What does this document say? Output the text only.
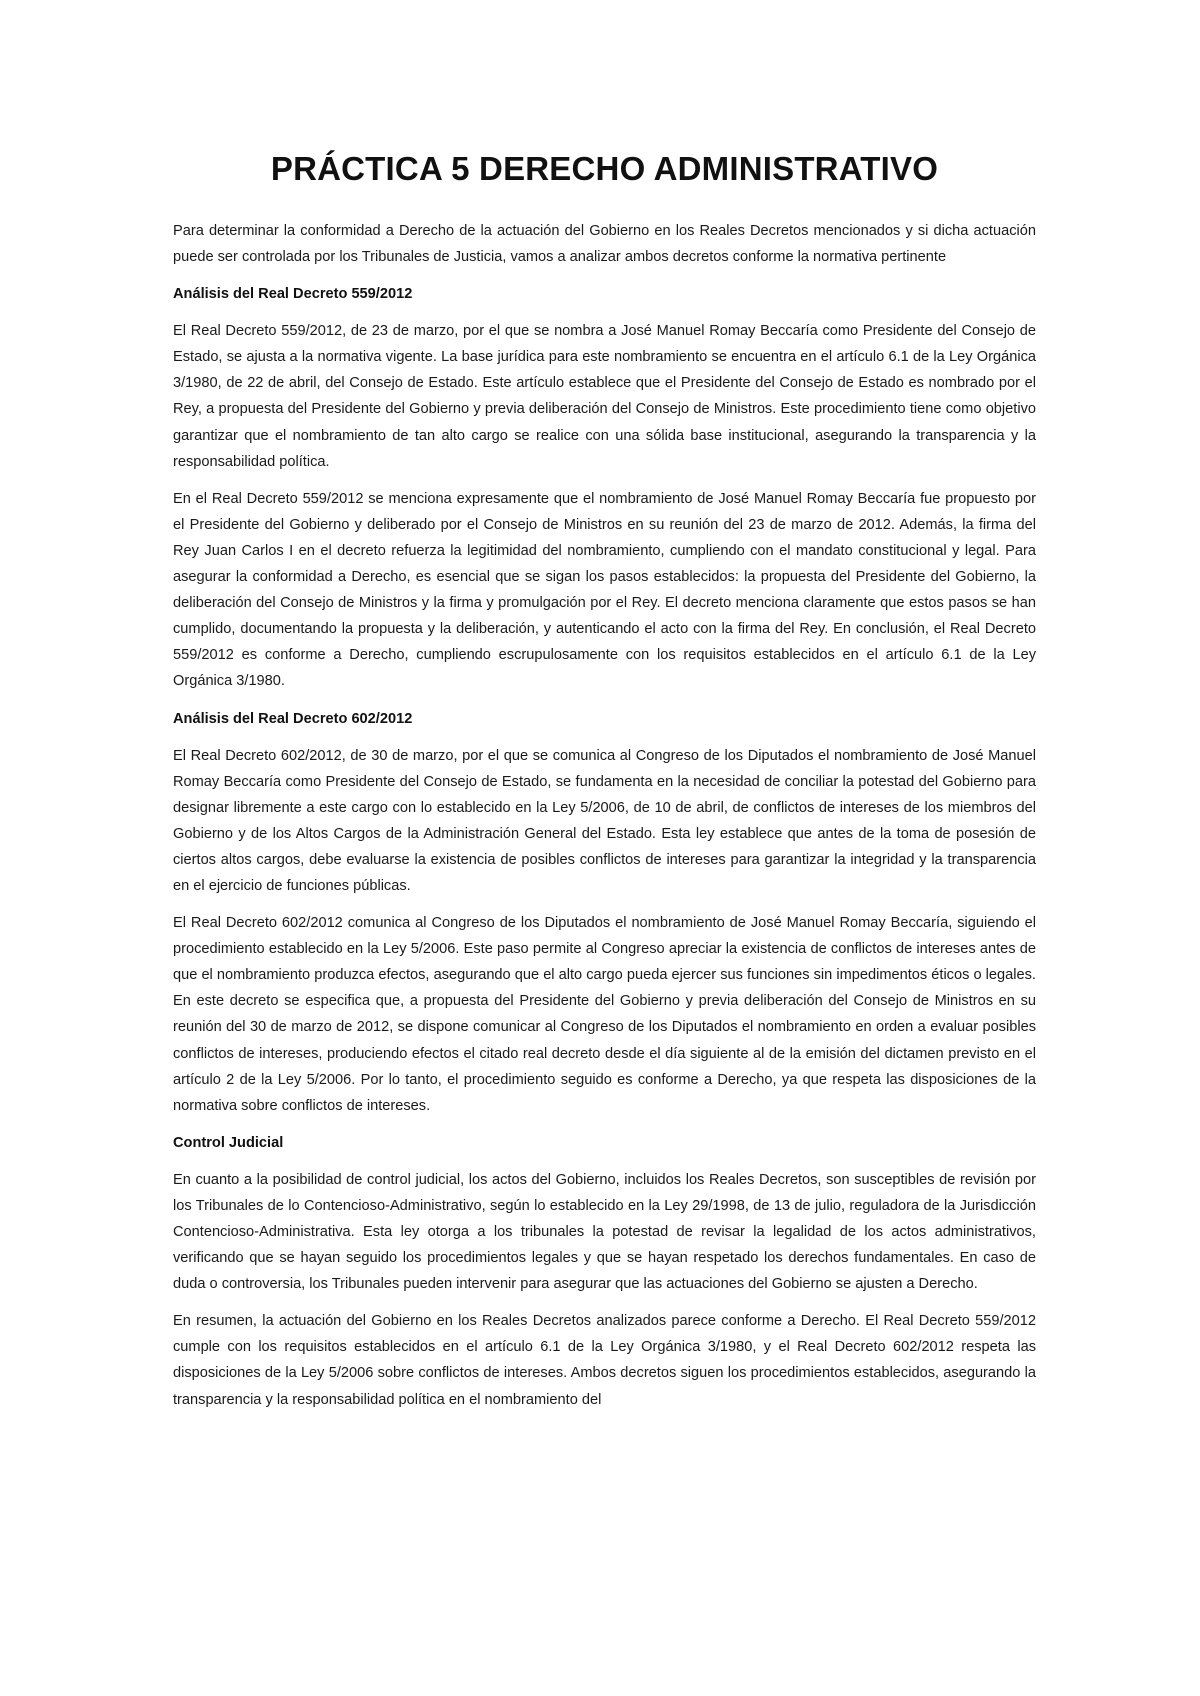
PRÁCTICA 5 DERECHO ADMINISTRATIVO

Para determinar la conformidad a Derecho de la actuación del Gobierno en los Reales Decretos mencionados y si dicha actuación puede ser controlada por los Tribunales de Justicia, vamos a analizar ambos decretos conforme la normativa pertinente

Análisis del Real Decreto 559/2012

El Real Decreto 559/2012, de 23 de marzo, por el que se nombra a José Manuel Romay Beccaría como Presidente del Consejo de Estado, se ajusta a la normativa vigente. La base jurídica para este nombramiento se encuentra en el artículo 6.1 de la Ley Orgánica 3/1980, de 22 de abril, del Consejo de Estado. Este artículo establece que el Presidente del Consejo de Estado es nombrado por el Rey, a propuesta del Presidente del Gobierno y previa deliberación del Consejo de Ministros. Este procedimiento tiene como objetivo garantizar que el nombramiento de tan alto cargo se realice con una sólida base institucional, asegurando la transparencia y la responsabilidad política.

En el Real Decreto 559/2012 se menciona expresamente que el nombramiento de José Manuel Romay Beccaría fue propuesto por el Presidente del Gobierno y deliberado por el Consejo de Ministros en su reunión del 23 de marzo de 2012. Además, la firma del Rey Juan Carlos I en el decreto refuerza la legitimidad del nombramiento, cumpliendo con el mandato constitucional y legal. Para asegurar la conformidad a Derecho, es esencial que se sigan los pasos establecidos: la propuesta del Presidente del Gobierno, la deliberación del Consejo de Ministros y la firma y promulgación por el Rey. El decreto menciona claramente que estos pasos se han cumplido, documentando la propuesta y la deliberación, y autenticando el acto con la firma del Rey. En conclusión, el Real Decreto 559/2012 es conforme a Derecho, cumpliendo escrupulosamente con los requisitos establecidos en el artículo 6.1 de la Ley Orgánica 3/1980.

Análisis del Real Decreto 602/2012

El Real Decreto 602/2012, de 30 de marzo, por el que se comunica al Congreso de los Diputados el nombramiento de José Manuel Romay Beccaría como Presidente del Consejo de Estado, se fundamenta en la necesidad de conciliar la potestad del Gobierno para designar libremente a este cargo con lo establecido en la Ley 5/2006, de 10 de abril, de conflictos de intereses de los miembros del Gobierno y de los Altos Cargos de la Administración General del Estado. Esta ley establece que antes de la toma de posesión de ciertos altos cargos, debe evaluarse la existencia de posibles conflictos de intereses para garantizar la integridad y la transparencia en el ejercicio de funciones públicas.

El Real Decreto 602/2012 comunica al Congreso de los Diputados el nombramiento de José Manuel Romay Beccaría, siguiendo el procedimiento establecido en la Ley 5/2006. Este paso permite al Congreso apreciar la existencia de conflictos de intereses antes de que el nombramiento produzca efectos, asegurando que el alto cargo pueda ejercer sus funciones sin impedimentos éticos o legales. En este decreto se especifica que, a propuesta del Presidente del Gobierno y previa deliberación del Consejo de Ministros en su reunión del 30 de marzo de 2012, se dispone comunicar al Congreso de los Diputados el nombramiento en orden a evaluar posibles conflictos de intereses, produciendo efectos el citado real decreto desde el día siguiente al de la emisión del dictamen previsto en el artículo 2 de la Ley 5/2006. Por lo tanto, el procedimiento seguido es conforme a Derecho, ya que respeta las disposiciones de la normativa sobre conflictos de intereses.

Control Judicial

En cuanto a la posibilidad de control judicial, los actos del Gobierno, incluidos los Reales Decretos, son susceptibles de revisión por los Tribunales de lo Contencioso-Administrativo, según lo establecido en la Ley 29/1998, de 13 de julio, reguladora de la Jurisdicción Contencioso-Administrativa. Esta ley otorga a los tribunales la potestad de revisar la legalidad de los actos administrativos, verificando que se hayan seguido los procedimientos legales y que se hayan respetado los derechos fundamentales. En caso de duda o controversia, los Tribunales pueden intervenir para asegurar que las actuaciones del Gobierno se ajusten a Derecho.

En resumen, la actuación del Gobierno en los Reales Decretos analizados parece conforme a Derecho. El Real Decreto 559/2012 cumple con los requisitos establecidos en el artículo 6.1 de la Ley Orgánica 3/1980, y el Real Decreto 602/2012 respeta las disposiciones de la Ley 5/2006 sobre conflictos de intereses. Ambos decretos siguen los procedimientos establecidos, asegurando la transparencia y la responsabilidad política en el nombramiento del
